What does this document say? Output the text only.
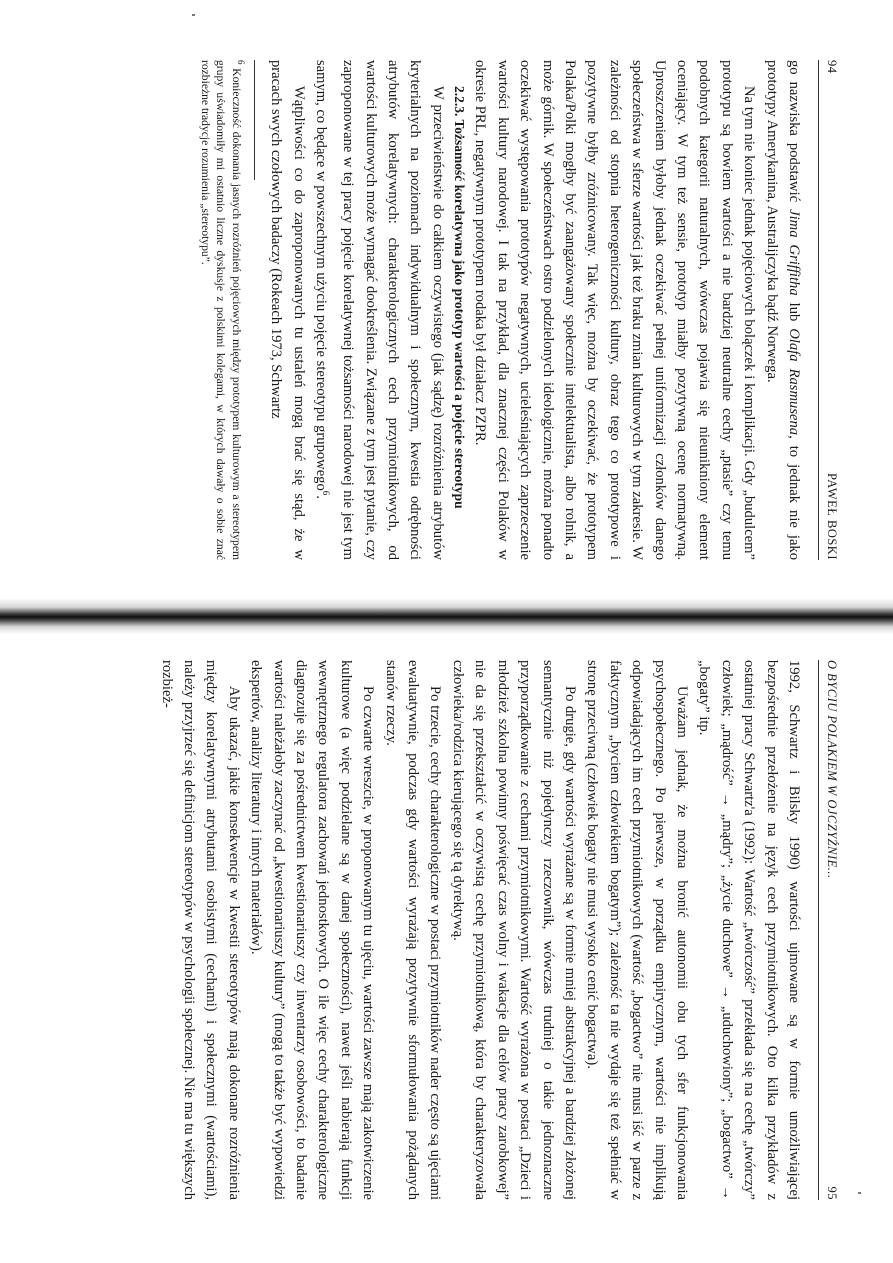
94
PAWEŁ BOSKI

go nazwiska podstawić Jima Griffitha lub Olafa Rasmusena, to jednak nie jako prototypy Amerykanina, Australijczyka bądź Norwega.

Na tym nie koniec jednak pojęciowych bolączek i komplikacji. Gdy „budulcem” prototypu są bowiem wartości a nie bardziej neutralne cechy „ptasie” czy temu podobnych kategorii naturalnych, wówczas pojawia się nieunikniony element oceniający. W tym też sensie, prototyp miałby pozytywną ocenę normatywną. Uproszczeniem byłoby jednak oczekiwać pełnej uniformizacji członków danego społeczeństwa w sferze wartości jak też braku zmian kulturowych w tym zakresie. W zależności od stopnia heterogeniczności kultury, obraz tego co prototypowe i pozytywne byłby zróżnicowany. Tak więc, można by oczekiwać, że prototypem Polaka/Polki mogłby być zaangażowany społecznie intelektualista, albo rolnik, a może górnik. W społeczeństwach ostro podzielonych ideologicznie, można ponadto oczekiwać występowania prototypów negatywnych, ucieleśniających zaprzeczenie wartości kultury narodowej. I tak na przykład, dla znacznej części Polaków w okresie PRL, negatywnym prototypem rodaka był działacz PZPR.

2.2.3. Tożsamość korelatywna jako prototyp wartości a pojęcie stereotypu

W przeciwieństwie do całkiem oczywistego (jak sądzę) rozróżnienia atrybutów kryterialnych na poziomach indywidualnym i społecznym, kwestia odrębności atrybutów korelatywnych: charakterologicznych cech przymiotnikowych, od wartości kulturowych może wymagać dookreślenia. Związane z tym jest pytanie, czy zaproponowane w tej pracy pojęcie korelatywnej tożsamości narodowej nie jest tym samym, co będące w powszechnym użyciu pojęcie stereotypu grupowego$^6$.

Wątpliwości co do zaproponowanych tu ustaleń mogą brać się stąd, że w pracach swych czołowych badaczy (Rokeach 1973, Schwartz

$^6$ Konieczność dokonania jasnych rozróżnień pojęciowych między prototypem kulturowym a stereotypem grupy uświadomiły mi ostatnio liczne dyskusje z polskimi kolegami, w których dawały o sobie znać rozbieżne tradycje rozumienia „stereotypu”.
O BYCIU POLAKIEM W OJCZYŹNIE...
95

1992, Schwartz i Bilsky 1990) wartości ujmowane są w formie umożliwiającej bezpośrednie przełożenie na język cech przymiotnikowych. Oto kilka przykładów z ostatniej pracy Schwartz'a (1992): Wartość „twórczość” przekłada się na cechę „twórczy” człowiek; „mądrość” → „mądry”; „życie duchowe” → „uduchowiony”; „bogactwo” → „bogaty” itp.

Uważam jednak, że można bronić autonomii obu tych sfer funkcjonowania psychospołecznego. Po pierwsze, w porządku empirycznym, wartości nie implikują odpowiadających im cech przymiotnikowych (wartość „bogactwo” nie musi iść w parze z faktycznym „byciem człowiekiem bogatym”); zależność ta nie wydaje się też spełniać w stronę przeciwną (człowiek bogaty nie musi wysoko cenić bogactwa).

Po drugie, gdy wartości wyrażane są w formie mniej abstrakcyjnej a bardziej złożonej semantycznie niż pojedynczy rzeczownik, wówczas trudniej o takie jednoznaczne przyporządkowanie z cechami przymiotnikowymi. Wartość wyrażona w postaci „Dzieci i młodzież szkolna powinny poświęcać czas wolny i wakacje dla celów pracy zarobkowej” nie da się przekształcić w oczywistą cechę przymiotnikową, która by charakteryzowała człowieka/rodzica kierującego się tą dyrektywą.

Po trzecie, cechy charakterologiczne w postaci przymiotników nader często są ujęciami ewaluatywnie, podczas gdy wartości wyrażają pozytywnie sformułowania pożądanych stanów rzeczy.

Po czwarte wreszcie, w proponowanym tu ujęciu, wartości zawsze mają zakotwiczenie kulturowe (a więc podzielane są w danej społeczności), nawet jeśli nabierają funkcji wewnętrznego regulatora zachowań jednostkowych. O ile więc cechy charakterologiczne diagnozuje się za pośrednictwem kwestionariuszy czy inwentarzy osobowości, to badanie wartości należałoby zaczynać od „kwestionariuszy kultury” (mogą to także być wypowiedzi ekspertów, analizy literatury i innych materiałów).

Aby ukazać, jakie konsekwencje w kwestii stereotypów mają dokonane rozróżnienia między korelatywnymi atrybutami osobistymi (cechami) i społecznymi (wartościami), należy przyjrzeć się definicjom stereotypów w psychologii społecznej. Nie ma tu większych rozbież-
